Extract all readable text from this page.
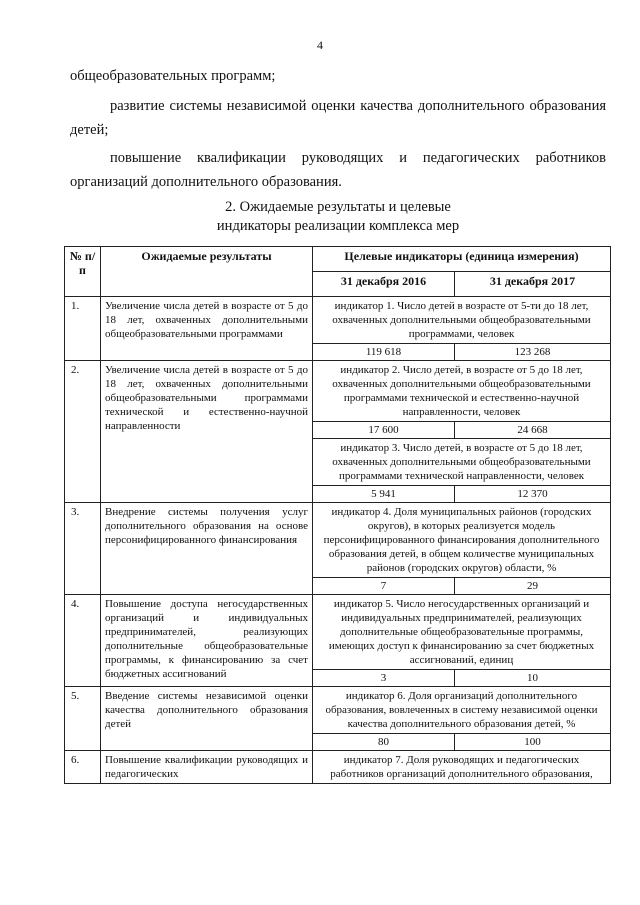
4
общеобразовательных программ;
развитие системы независимой оценки качества дополнительного образования детей;
повышение квалификации руководящих и педагогических работников организаций дополнительного образования.
2. Ожидаемые результаты и целевые
индикаторы реализации комплекса мер
№ п/п	Ожидаемые результаты	Целевые индикаторы (единица измерения)	
		31 декабря 2016	31 декабря 2017
1.	Увеличение числа детей в возрасте от 5 до 18 лет, охваченных дополнительными общеобразовательными программами	индикатор 1. Число детей в возрасте от 5-ти до 18 лет, охваченных дополнительными общеобразовательными программами, человек	
		119 618	123 268
2.	Увеличение числа детей в возрасте от 5 до 18 лет, охваченных дополнительными общеобразовательными программами технической и естественно-научной направленности	индикатор 2. Число детей, в возрасте от 5 до 18 лет, охваченных дополнительными общеобразовательными программами технической и естественно-научной направленности, человек	
		17 600	24 668
		индикатор 3. Число детей, в возрасте от 5 до 18 лет, охваченных дополнительными общеобразовательными программами технической направленности, человек	
		5 941	12 370
3.	Внедрение системы получения услуг дополнительного образования на основе персонифицированного финансирования	индикатор 4. Доля муниципальных районов (городских округов), в которых реализуется модель персонифицированного финансирования дополнительного образования детей, в общем количестве муниципальных районов (городских округов) области, %	
		7	29
4.	Повышение доступа негосударственных организаций и индивидуальных предпринимателей, реализующих дополнительные общеобразовательные программы, к финансированию за счет бюджетных ассигнований	индикатор 5. Число негосударственных организаций и индивидуальных предпринимателей, реализующих дополнительные общеобразовательные программы, имеющих доступ к финансированию за счет бюджетных ассигнований, единиц	
		3	10
5.	Введение системы независимой оценки качества дополнительного образования детей	индикатор 6. Доля организаций дополнительного образования, вовлеченных в систему независимой оценки качества дополнительного образования детей, %	
		80	100
6.	Повышение квалификации руководящих и педагогических	индикатор 7. Доля руководящих и педагогических работников организаций дополнительного образования,	
